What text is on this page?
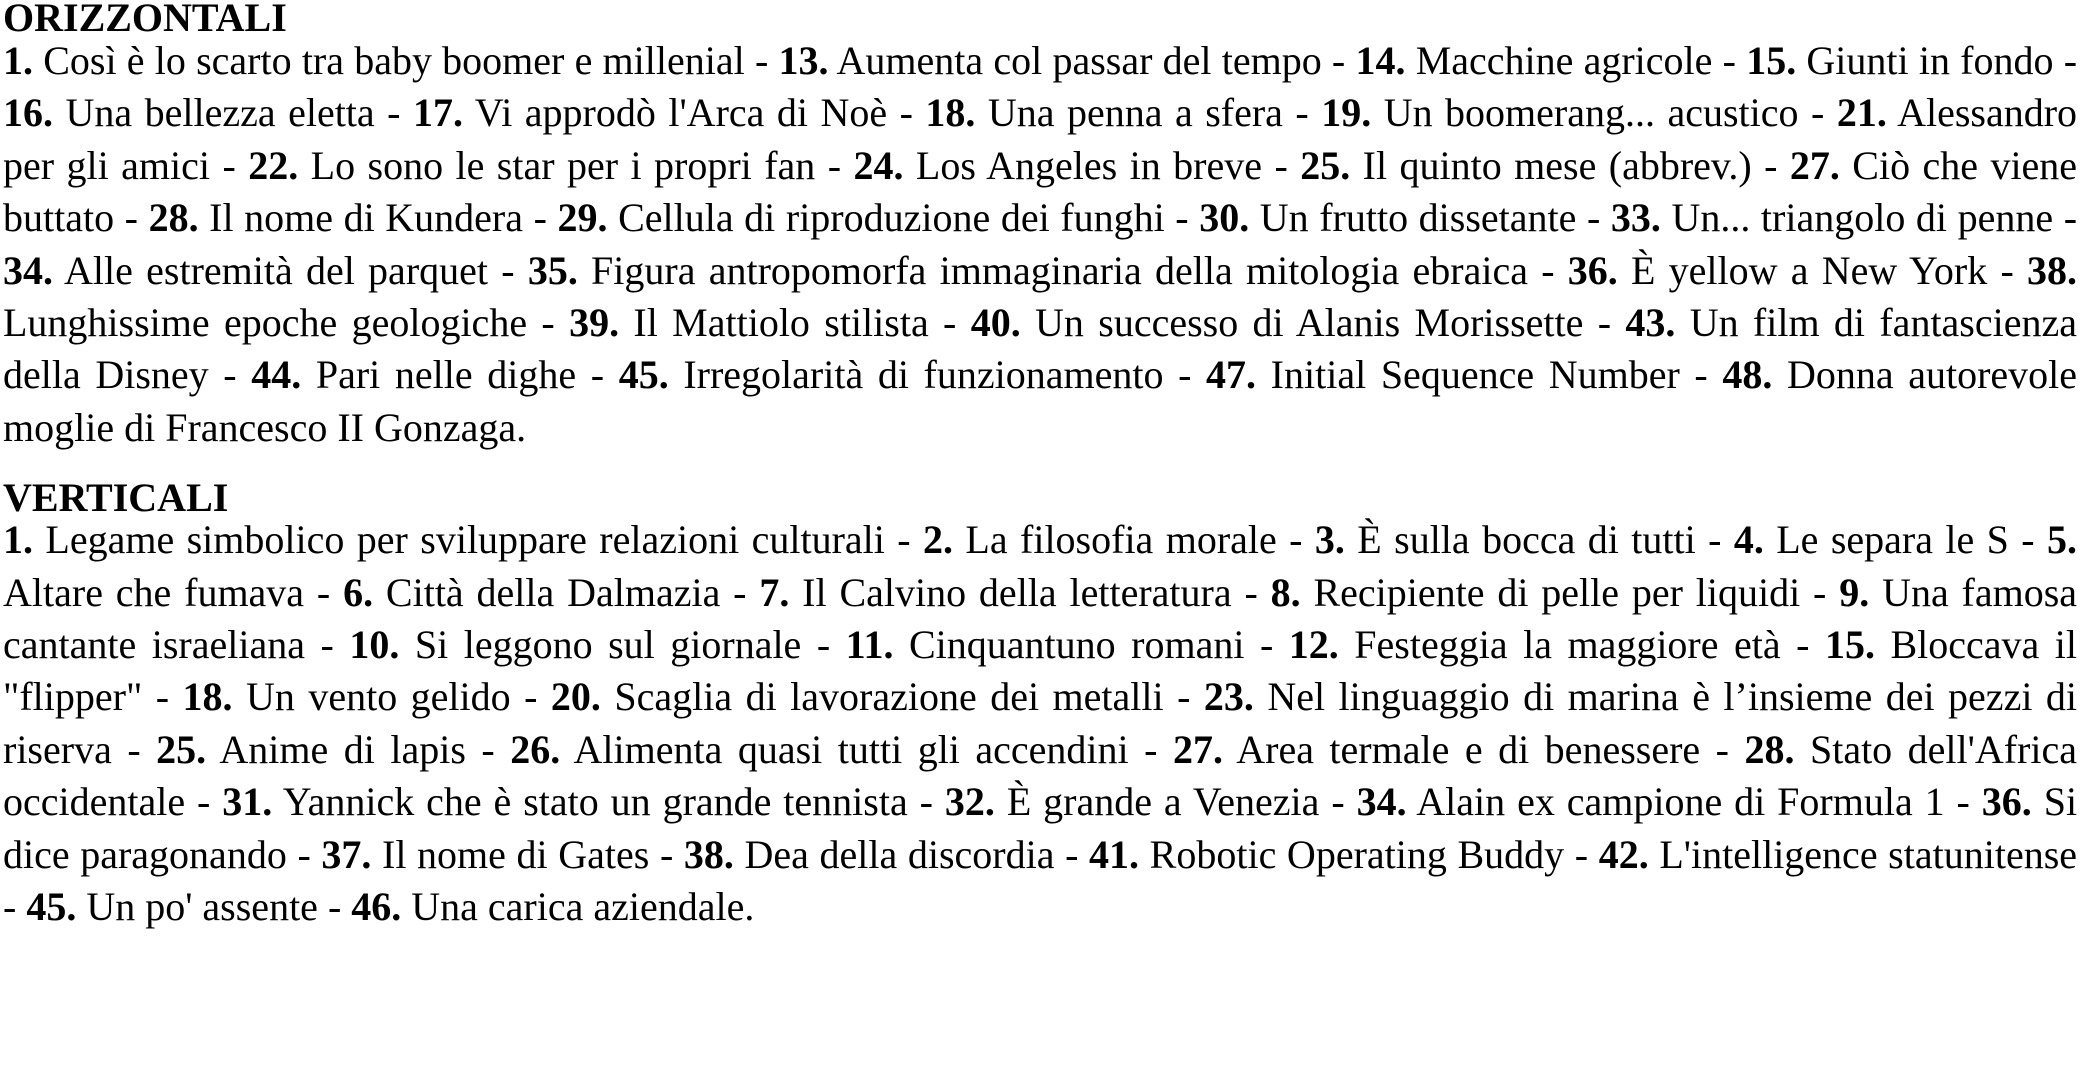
ORIZZONTALI

1. Così è lo scarto tra baby boomer e millenial - 13. Aumenta col passar del tempo - 14. Macchine agricole - 15. Giunti in fondo - 16. Una bellezza eletta - 17. Vi approdò l'Arca di Noè - 18. Una penna a sfera - 19. Un boomerang... acustico - 21. Alessandro per gli amici - 22. Lo sono le star per i propri fan - 24. Los Angeles in breve - 25. Il quinto mese (abbrev.) - 27. Ciò che viene buttato - 28. Il nome di Kundera - 29. Cellula di riproduzione dei funghi - 30. Un frutto dissetante - 33. Un... triangolo di penne - 34. Alle estremità del parquet - 35. Figura antropomorfa immaginaria della mitologia ebraica - 36. È yellow a New York - 38. Lunghissime epoche geologiche - 39. Il Mattiolo stilista - 40. Un successo di Alanis Morissette - 43. Un film di fantascienza della Disney - 44. Pari nelle dighe - 45. Irregolarità di funzionamento - 47. Initial Sequence Number - 48. Donna autorevole moglie di Francesco II Gonzaga.

VERTICALI

1. Legame simbolico per sviluppare relazioni culturali - 2. La filosofia morale - 3. È sulla bocca di tutti - 4. Le separa le S - 5. Altare che fumava - 6. Città della Dalmazia - 7. Il Calvino della letteratura - 8. Recipiente di pelle per liquidi - 9. Una famosa cantante israeliana - 10. Si leggono sul giornale - 11. Cinquantuno romani - 12. Festeggia la maggiore età - 15. Bloccava il "flipper" - 18. Un vento gelido - 20. Scaglia di lavorazione dei metalli - 23. Nel linguaggio di marina è l’insieme dei pezzi di riserva - 25. Anime di lapis - 26. Alimenta quasi tutti gli accendini - 27. Area termale e di benessere - 28. Stato dell'Africa occidentale - 31. Yannick che è stato un grande tennista - 32. È grande a Venezia - 34. Alain ex campione di Formula 1 - 36. Si dice paragonando - 37. Il nome di Gates - 38. Dea della discordia - 41. Robotic Operating Buddy - 42. L'intelligence statunitense - 45. Un po' assente - 46. Una carica aziendale.
